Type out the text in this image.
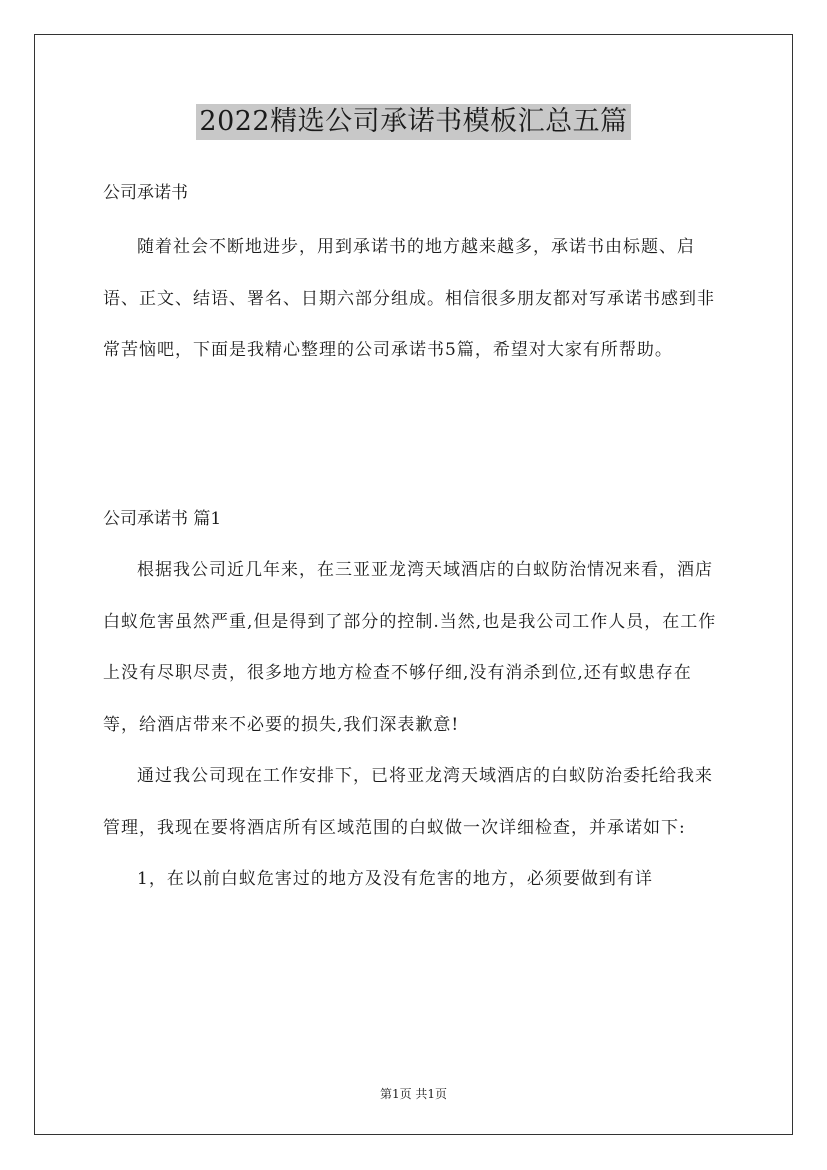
2022精选公司承诺书模板汇总五篇
公司承诺书

随着社会不断地进步，用到承诺书的地方越来越多，承诺书由标题、启语、正文、结语、署名、日期六部分组成。相信很多朋友都对写承诺书感到非常苦恼吧，下面是我精心整理的公司承诺书5篇，希望对大家有所帮助。

公司承诺书 篇1

根据我公司近几年来，在三亚亚龙湾天域酒店的白蚁防治情况来看，酒店白蚁危害虽然严重,但是得到了部分的控制.当然,也是我公司工作人员，在工作上没有尽职尽责，很多地方地方检查不够仔细,没有消杀到位,还有蚁患存在等，给酒店带来不必要的损失,我们深表歉意!

通过我公司现在工作安排下，已将亚龙湾天域酒店的白蚁防治委托给我来管理，我现在要将酒店所有区域范围的白蚁做一次详细检查，并承诺如下:

1，在以前白蚁危害过的地方及没有危害的地方，必须要做到有详

第1页 共1页
